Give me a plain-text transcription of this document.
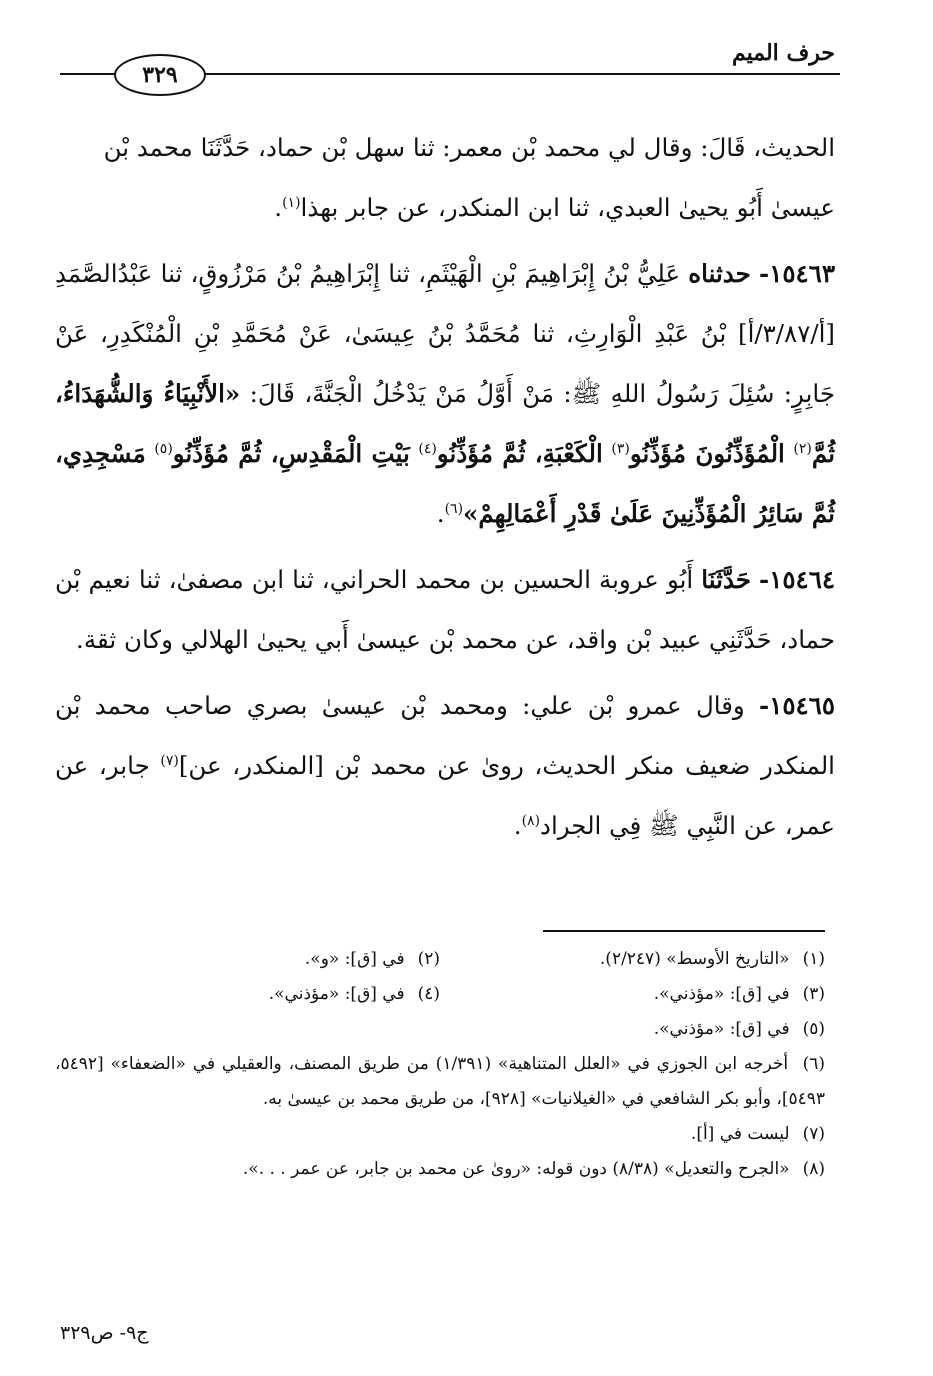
حرف الميم
٣٢٩

الحديث، قَالَ: وقال لي محمد بْن معمر: ثنا سهل بْن حماد، حَدَّثَنَا محمد بْن عيسىٰ أَبُو يحيىٰ العبدي، ثنا ابن المنكدر، عن جابر بهذا$^{(١)}$.

١٥٤٦٣- حدثناه عَلِيُّ بْنُ إِبْرَاهِيمَ بْنِ الْهَيْثَمِ، ثنا إِبْرَاهِيمُ بْنُ مَرْزُوقٍ، ثنا عَبْدُالصَّمَدِ [أ/٣/٨٧/أ] بْنُ عَبْدِ الْوَارِثِ، ثنا مُحَمَّدُ بْنُ عِيسَىٰ، عَنْ مُحَمَّدِ بْنِ الْمُنْكَدِرِ، عَنْ جَابِرٍ: سُئِلَ رَسُولُ اللهِ ﷺ: مَنْ أَوَّلُ مَنْ يَدْخُلُ الْجَنَّةَ، قَالَ: «الأَنْبِيَاءُ وَالشُّهَدَاءُ، ثُمَّ$^{(٢)}$ الْمُؤَذِّنُونَ مُؤَذِّنُو$^{(٣)}$ الْكَعْبَةِ، ثُمَّ مُؤَذِّنُو$^{(٤)}$ بَيْتِ الْمَقْدِسِ، ثُمَّ مُؤَذِّنُو$^{(٥)}$ مَسْجِدِي، ثُمَّ سَائِرُ الْمُؤَذِّنِينَ عَلَىٰ قَدْرِ أَعْمَالِهِمْ»$^{(٦)}$.

١٥٤٦٤- حَدَّثَنَا أَبُو عروبة الحسين بن محمد الحراني، ثنا ابن مصفىٰ، ثنا نعيم بْن حماد، حَدَّثَنِي عبيد بْن واقد، عن محمد بْن عيسىٰ أَبي يحيىٰ الهلالي وكان ثقة.

١٥٤٦٥- وقال عمرو بْن علي: ومحمد بْن عيسىٰ بصري صاحب محمد بْن المنكدر ضعيف منكر الحديث، روىٰ عن محمد بْن [المنكدر، عن]$^{(٧)}$ جابر، عن عمر، عن النَّبِي ﷺ فِي الجراد$^{(٨)}$.

(١) «التاريخ الأوسط» (٢/٢٤٧).
(٢) في [ق]: «و».
(٣) في [ق]: «مؤذني».
(٤) في [ق]: «مؤذني».
(٥) في [ق]: «مؤذني».
(٦) أخرجه ابن الجوزي في «العلل المتناهية» (١/٣٩١) من طريق المصنف، والعقيلي في «الضعفاء» [٥٤٩٢، ٥٤٩٣]، وأبو بكر الشافعي في «الغيلانيات» [٩٢٨]، من طريق محمد بن عيسىٰ به.
(٧) ليست في [أ].
(٨) «الجرح والتعديل» (٨/٣٨) دون قوله: «روىٰ عن محمد بن جابر، عن عمر . . .».
ج٩- ص٣٢٩
